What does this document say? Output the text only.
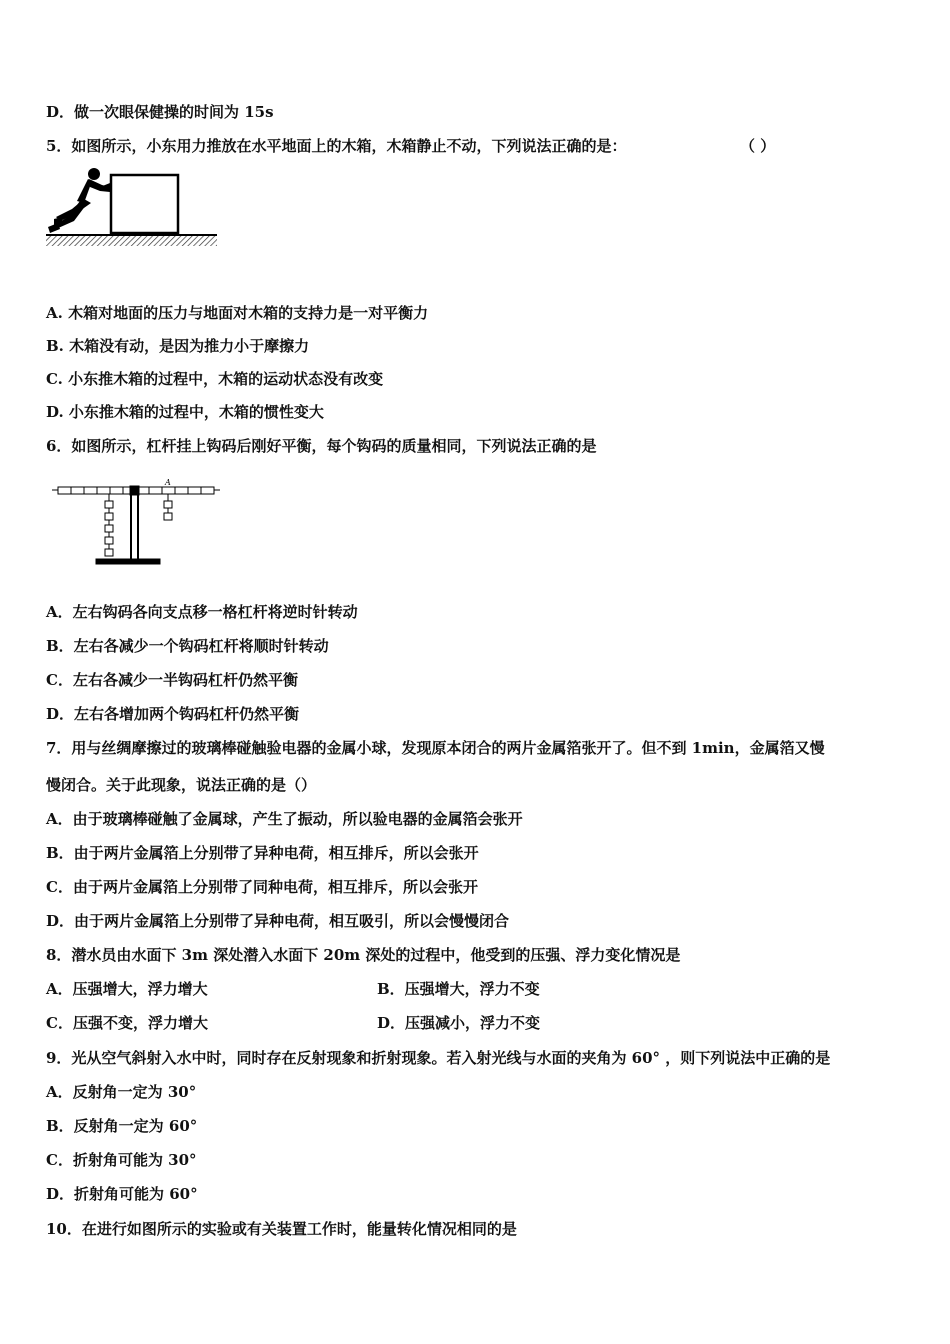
D．做一次眼保健操的时间为 15s
5．如图所示，小东用力推放在水平地面上的木箱，木箱静止不动，下列说法正确的是：	（ ）
A. 木箱对地面的压力与地面对木箱的支持力是一对平衡力
B. 木箱没有动，是因为推力小于摩擦力
C. 小东推木箱的过程中，木箱的运动状态没有改变
D. 小东推木箱的过程中，木箱的惯性变大
6．如图所示，杠杆挂上钩码后刚好平衡，每个钩码的质量相同，下列说法正确的是
A
A．左右钩码各向支点移一格杠杆将逆时针转动
B．左右各减少一个钩码杠杆将顺时针转动
C．左右各减少一半钩码杠杆仍然平衡
D．左右各增加两个钩码杠杆仍然平衡
7．用与丝绸摩擦过的玻璃棒碰触验电器的金属小球，发现原本闭合的两片金属箔张开了。但不到 1min，金属箔又慢
慢闭合。关于此现象，说法正确的是（）
A．由于玻璃棒碰触了金属球，产生了振动，所以验电器的金属箔会张开
B．由于两片金属箔上分别带了异种电荷，相互排斥，所以会张开
C．由于两片金属箔上分别带了同种电荷，相互排斥，所以会张开
D．由于两片金属箔上分别带了异种电荷，相互吸引，所以会慢慢闭合
8．潜水员由水面下 3m 深处潜入水面下 20m 深处的过程中，他受到的压强、浮力变化情况是
A．压强增大，浮力增大	B．压强增大，浮力不变
C．压强不变，浮力增大	D．压强减小，浮力不变
9．光从空气斜射入水中时，同时存在反射现象和折射现象。若入射光线与水面的夹角为 60° ，则下列说法中正确的是
A．反射角一定为 30°
B．反射角一定为 60°
C．折射角可能为 30°
D．折射角可能为 60°
10．在进行如图所示的实验或有关装置工作时，能量转化情况相同的是
